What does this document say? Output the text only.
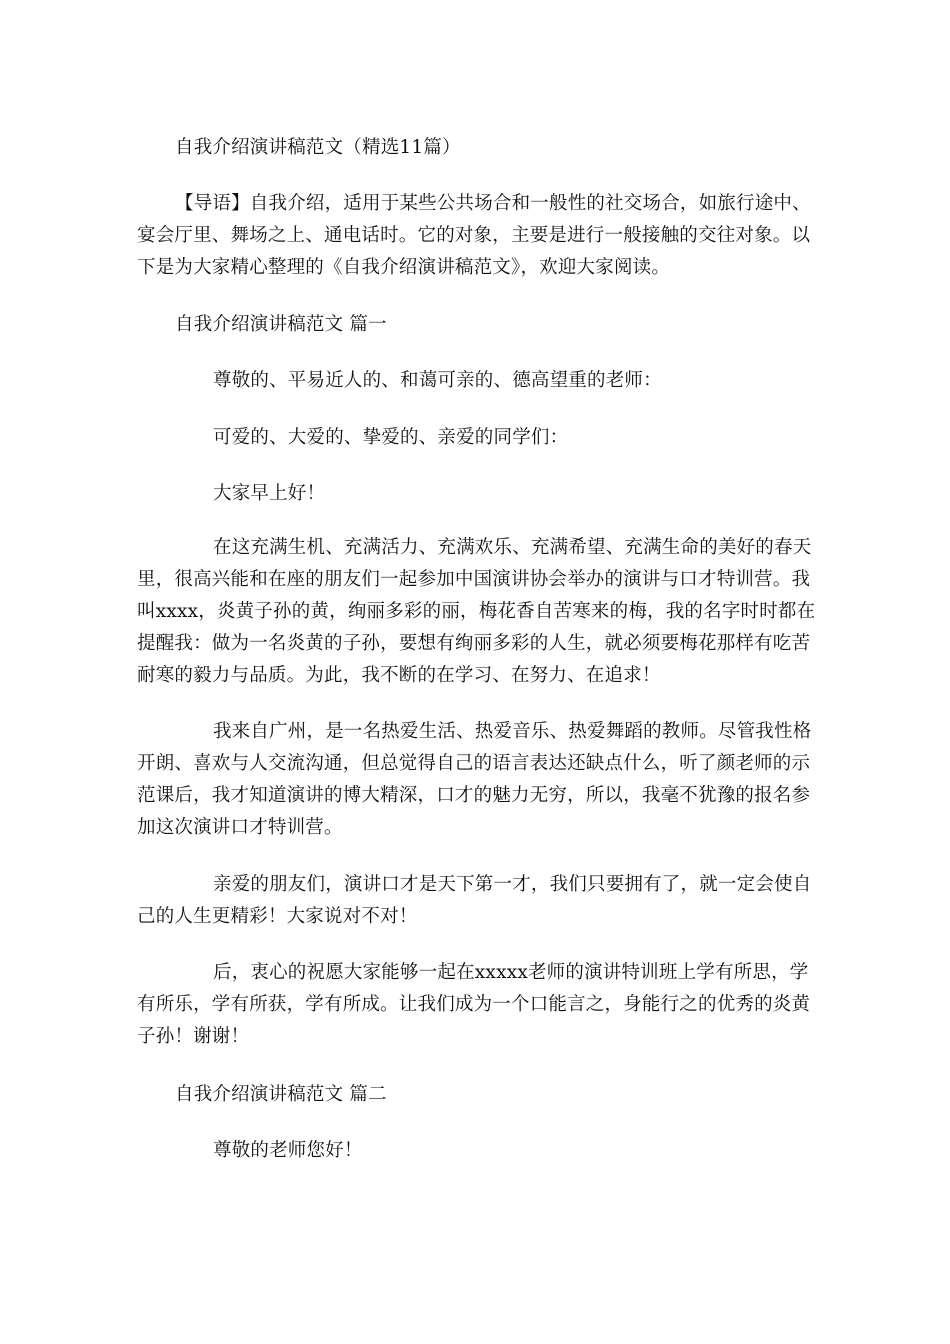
自我介绍演讲稿范文（精选11篇）
【导语】自我介绍，适用于某些公共场合和一般性的社交场合，如旅行途中、宴会厅里、舞场之上、通电话时。它的对象，主要是进行一般接触的交往对象。以下是为大家精心整理的《自我介绍演讲稿范文》，欢迎大家阅读。
自我介绍演讲稿范文 篇一
尊敬的、平易近人的、和蔼可亲的、德高望重的老师：
可爱的、大爱的、挚爱的、亲爱的同学们：
大家早上好！
在这充满生机、充满活力、充满欢乐、充满希望、充满生命的美好的春天里，很高兴能和在座的朋友们一起参加中国演讲协会举办的演讲与口才特训营。我叫xxxx，炎黄子孙的黄，绚丽多彩的丽，梅花香自苦寒来的梅，我的名字时时都在提醒我：做为一名炎黄的子孙，要想有绚丽多彩的人生，就必须要梅花那样有吃苦耐寒的毅力与品质。为此，我不断的在学习、在努力、在追求！
我来自广州，是一名热爱生活、热爱音乐、热爱舞蹈的教师。尽管我性格开朗、喜欢与人交流沟通，但总觉得自己的语言表达还缺点什么，听了颜老师的示范课后，我才知道演讲的博大精深，口才的魅力无穷，所以，我毫不犹豫的报名参加这次演讲口才特训营。
亲爱的朋友们，演讲口才是天下第一才，我们只要拥有了，就一定会使自己的人生更精彩！大家说对不对！
后，衷心的祝愿大家能够一起在xxxxx老师的演讲特训班上学有所思，学有所乐，学有所获，学有所成。让我们成为一个口能言之，身能行之的优秀的炎黄子孙！谢谢！
自我介绍演讲稿范文 篇二
尊敬的老师您好！
